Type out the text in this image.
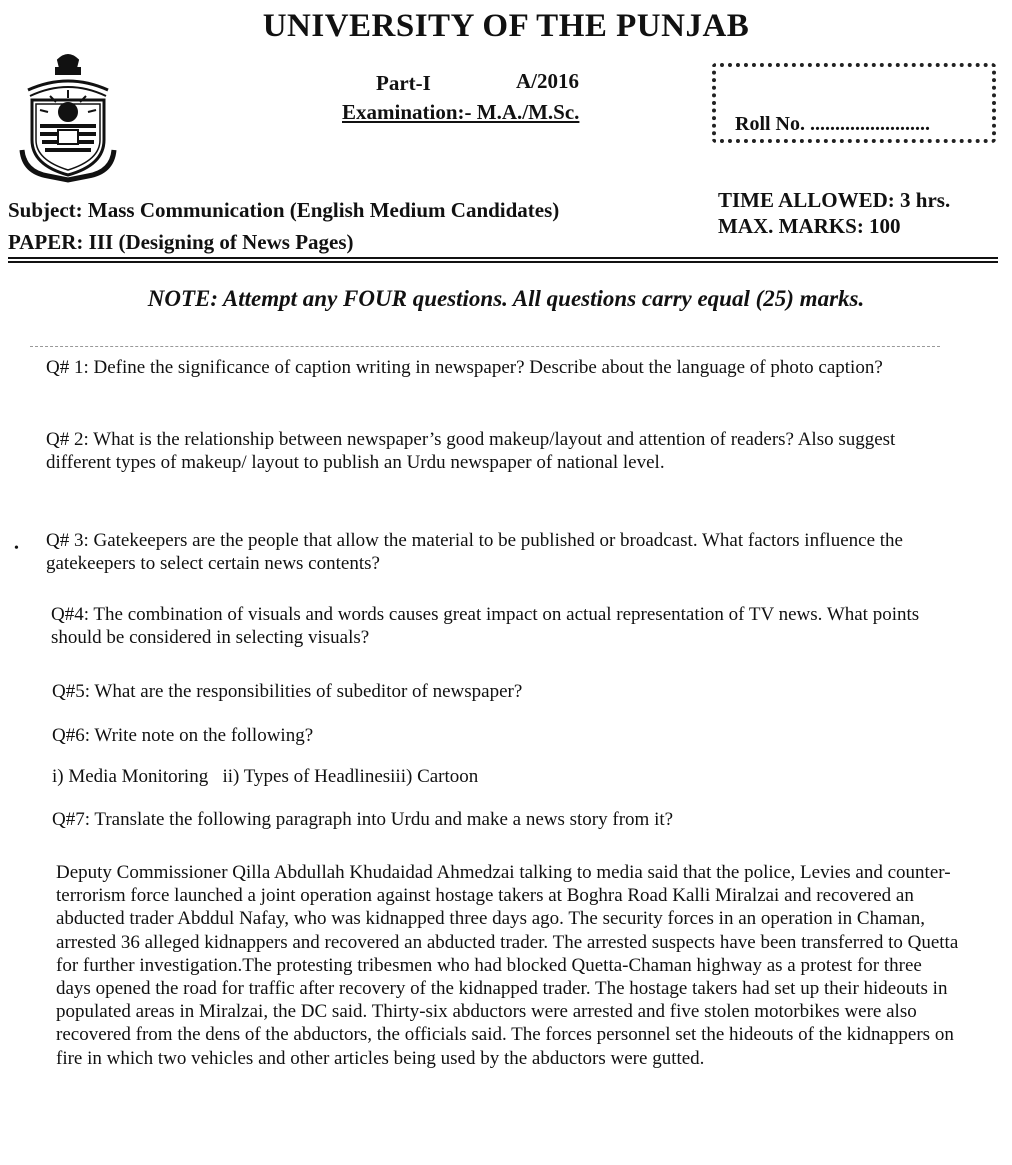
UNIVERSITY OF THE PUNJAB
Part-I	A/2016
Examination:- M.A./M.Sc.	Roll No. ........................
Subject: Mass Communication (English Medium Candidates)
PAPER: III (Designing of News Pages)
TIME ALLOWED: 3 hrs.
MAX. MARKS: 100
NOTE: Attempt any FOUR questions. All questions carry equal (25) marks.
•
Q# 1: Define the significance of caption writing in newspaper? Describe about the language of photo caption?
Q# 2: What is the relationship between newspaper’s good makeup/layout and attention of readers? Also suggest different types of makeup/ layout to publish an Urdu newspaper of national level.
Q# 3: Gatekeepers are the people that allow the material to be published or broadcast. What factors influence the gatekeepers to select certain news contents?
Q#4: The combination of visuals and words causes great impact on actual representation of TV news. What points should be considered in selecting visuals?
Q#5: What are the responsibilities of subeditor of newspaper?
Q#6: Write note on the following?
i) Media Monitoring   ii) Types of Headlinesiii) Cartoon
Q#7: Translate the following paragraph into Urdu and make a news story from it?
Deputy Commissioner Qilla Abdullah Khudaidad Ahmedzai talking to media said that the police, Levies and counter-terrorism force launched a joint operation against hostage takers at Boghra Road Kalli Miralzai and recovered an abducted trader Abddul Nafay, who was kidnapped three days ago. The security forces in an operation in Chaman, arrested 36 alleged kidnappers and recovered an abducted trader. The arrested suspects have been transferred to Quetta for further investigation.The protesting tribesmen who had blocked Quetta-Chaman highway as a protest for three days opened the road for traffic after recovery of the kidnapped trader. The hostage takers had set up their hideouts in populated areas in Miralzai, the DC said. Thirty-six abductors were arrested and five stolen motorbikes were also recovered from the dens of the abductors, the officials said. The forces personnel set the hideouts of the kidnappers on fire in which two vehicles and other articles being used by the abductors were gutted.
